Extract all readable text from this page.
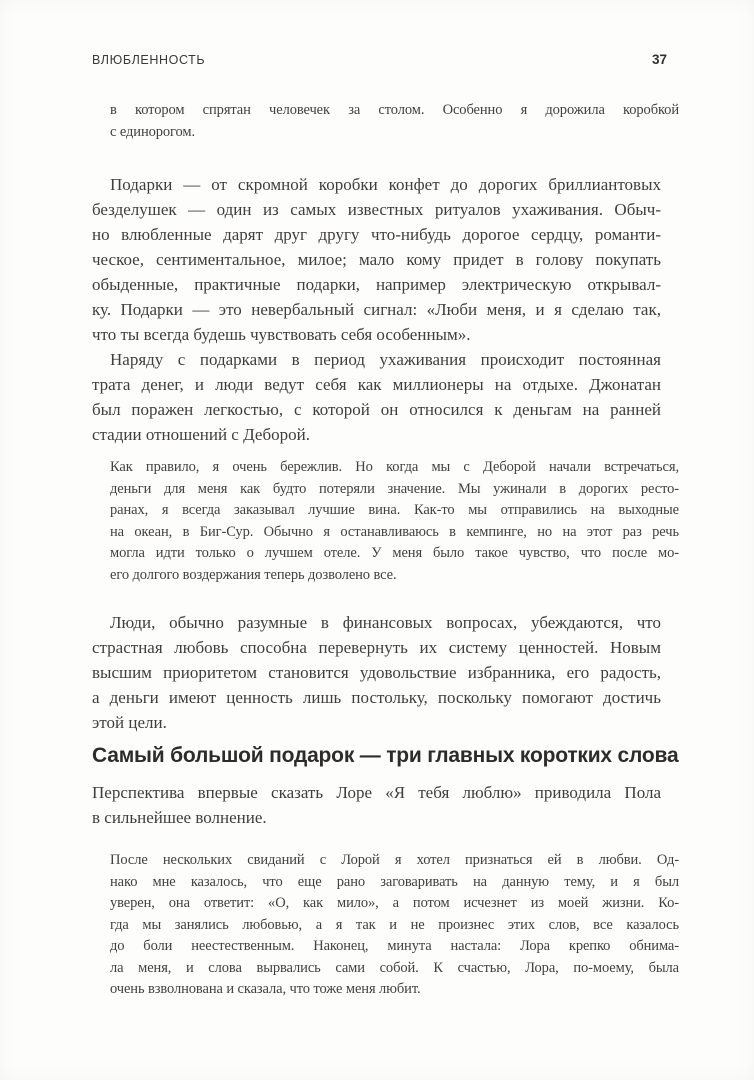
ВЛЮБЛЕННОСТЬ	37
в котором спрятан человечек за столом. Особенно я дорожила коробкой
с единорогом.
Подарки — от скромной коробки конфет до дорогих бриллиантовых
безделушек — один из самых известных ритуалов ухаживания. Обыч-
но влюбленные дарят друг другу что-нибудь дорогое сердцу, романти-
ческое, сентиментальное, милое; мало кому придет в голову покупать
обыденные, практичные подарки, например электрическую открывал-
ку. Подарки — это невербальный сигнал: «Люби меня, и я сделаю так,
что ты всегда будешь чувствовать себя особенным».
Наряду с подарками в период ухаживания происходит постоянная
трата денег, и люди ведут себя как миллионеры на отдыхе. Джонатан
был поражен легкостью, с которой он относился к деньгам на ранней
стадии отношений с Деборой.
Как правило, я очень бережлив. Но когда мы с Деборой начали встречаться,
деньги для меня как будто потеряли значение. Мы ужинали в дорогих ресто-
ранах, я всегда заказывал лучшие вина. Как-то мы отправились на выходные
на океан, в Биг-Сур. Обычно я останавливаюсь в кемпинге, но на этот раз речь
могла идти только о лучшем отеле. У меня было такое чувство, что после мо-
его долгого воздержания теперь дозволено все.
Люди, обычно разумные в финансовых вопросах, убеждаются, что
страстная любовь способна перевернуть их систему ценностей. Новым
высшим приоритетом становится удовольствие избранника, его радость,
а деньги имеют ценность лишь постольку, поскольку помогают достичь
этой цели.
Самый большой подарок — три главных коротких слова
Перспектива впервые сказать Лоре «Я тебя люблю» приводила Пола
в сильнейшее волнение.
После нескольких свиданий с Лорой я хотел признаться ей в любви. Од-
нако мне казалось, что еще рано заговаривать на данную тему, и я был
уверен, она ответит: «О, как мило», а потом исчезнет из моей жизни. Ко-
гда мы занялись любовью, а я так и не произнес этих слов, все казалось
до боли неестественным. Наконец, минута настала: Лора крепко обнима-
ла меня, и слова вырвались сами собой. К счастью, Лора, по-моему, была
очень взволнована и сказала, что тоже меня любит.
